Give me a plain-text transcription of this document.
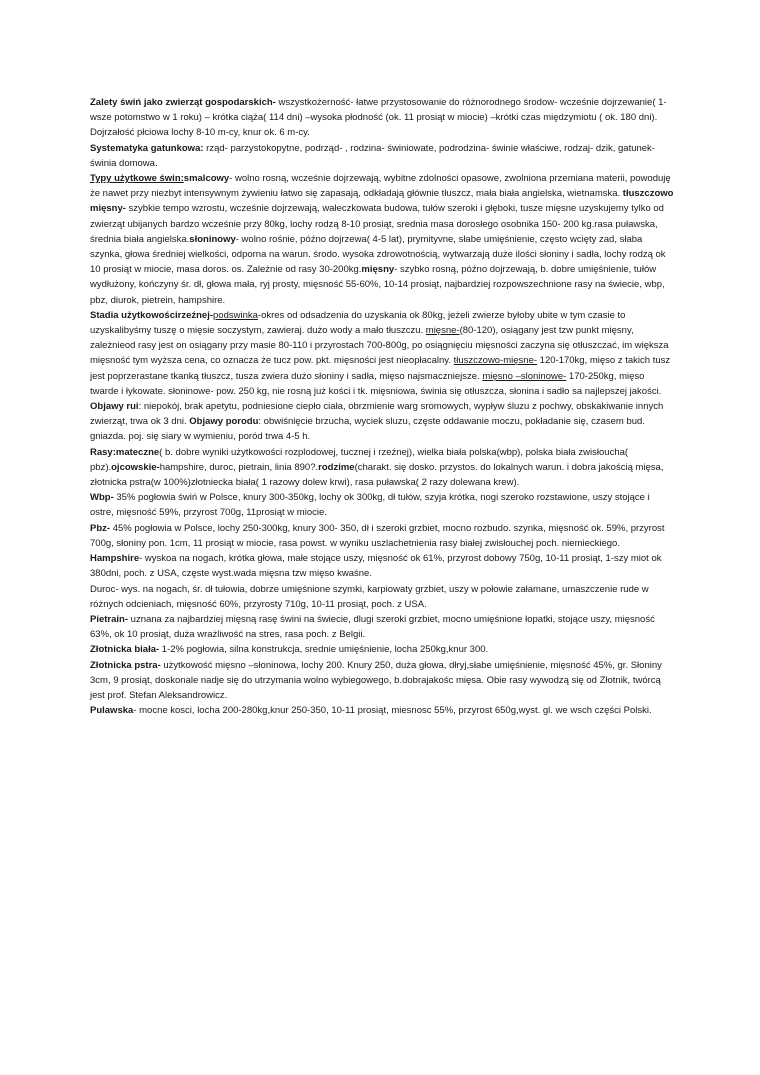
Zalety świń jako zwierząt gospodarskich- wszystkożerność- łatwe przystosowanie do różnorodnego środow- wcześnie dojrzewanie( 1- wsze potomstwo w 1 roku) – krótka ciąża( 114 dni) –wysoka płodność (ok. 11 prosiąt w miocie) –krótki czas międzymiotu ( ok. 180 dni). Dojrzałość płciowa lochy 8-10 m-cy, knur ok. 6 m-cy.

Systematyka gatunkowa: rząd- parzystokopytne, podrząd- , rodzina- świniowate, podrodzina- świnie właściwe, rodzaj- dzik, gatunek- świnia domowa.

Typy użytkowe świn:smalcowy- wolno rosną, wcześnie dojrzewają, wybitne zdolności opasowe, zwolniona przemiana materii, powoduję że nawet przy niezbyt intensywnym żywieniu łatwo się zapasają, odkładają głównie tłuszcz, mała biała angielska, wietnamska. tłuszczowo mięsny- szybkie tempo wzrostu, wcześnie dojrzewają, wałeczkowata budowa, tułów szeroki i głęboki, tusze mięsne uzyskujemy tylko od zwierząt ubijanych bardzo wcześnie przy 80kg, lochy rodzą 8-10 prosiąt, srednia masa dorosłego osobnika 150- 200 kg.rasa puławska, średnia biała angielska.słoninowy- wolno rośnie, późno dojrzewa( 4-5 lat), prymityvne, słabe umięśnienie, często wcięty zad, słaba szynka, głowa średniej wielkości, odporna na warun. środo. wysoka zdrowotnością, wytwarzają duże ilości słoniny i sadła, lochy rodzą ok 10 prosiąt w miocie, masa doros. os. Zależnie od rasy 30-200kg.mięsny- szybko rosną, późno dojrzewają, b. dobre umięśnienie, tułów wydłużony, kończyny śr. dł, głowa mała, ryj prosty, mięsność 55-60%, 10-14 prosiąt, najbardziej rozpowszechnione rasy na świecie, wbp, pbz, diurok, pietrein, hampshire.

Stadia użytkowościrzeźnej-podswinka-okres od odsadzenia do uzyskania ok 80kg, jeżeli zwierze byłoby ubite w tym czasie to uzyskalibyśmy tuszę o mięsie soczystym, zawieraj. dużo wody a mało tłuszczu. mięsne-(80-120), osiągany jest tzw punkt mięsny, zależnieod rasy jest on osiągany przy masie 80-110 i przyrostach 700-800g, po osiągnięciu mięsności zaczyna się otłuszczać, im większa mięsność tym wyższa cena, co oznacza że tucz pow. pkt. mięsności jest nieopłacalny. tłuszczowo-mięsne- 120-170kg, mięso z takich tusz jest poprzerastane tkanką tłuszcz, tusza zwiera dużo słoniny i sadła, mięso najsmaczniejsze. mięsno –sloninowe- 170-250kg, mięso twarde i łykowate. słoninowe- pow. 250 kg, nie rosną już kości i tk. mięsniowa, świnia się otłuszcza, słonina i sadło sa najlepszej jakości.

Objawy rui: niepokój, brak apetytu, podniesione ciepło ciała, obrzmienie warg sromowych, wypływ śluzu z pochwy, obskakiwanie innych zwierząt, trwa ok 3 dni. Objawy porodu: obwiśnięcie brzucha, wyciek sluzu, częste oddawanie moczu, pokładanie się, czasem bud. gniazda. poj. się siary w wymieniu, poród trwa 4-5 h.

Rasy:mateczne( b. dobre wyniki użytkowości rozplodowej, tucznej i rzeźnej), wielka biała polska(wbp), polska biała zwisłoucha( pbz).ojcowskie-hampshire, duroc, pietrain, linia 890?.rodzime(charakt. się dosko. przystos. do lokalnych warun. i dobra jakością mięsa, złotnicka pstra(w 100%)złotniecka biała( 1 razowy dolew krwi), rasa puławska( 2 razy dolewana krew).

Wbp- 35% pogłowia świń w Polsce, knury 300-350kg, lochy ok 300kg, dł tułów, szyja krótka, nogi szeroko rozstawione, uszy stojące i ostre, mięsność 59%, przyrost 700g, 11prosiąt w miocie.

Pbz- 45% pogłowia w Polsce, lochy 250-300kg, knury 300- 350, dł i szeroki grzbiet, mocno rozbudo. szynka, mięsność ok. 59%, przyrost 700g, słoniny pon. 1cm, 11 prosiąt w miocie, rasa powst. w wyniku uszlachetnienia rasy białej zwisłouchej poch. niemieckiego.

Hampshire- wyskoa na nogach, krótka głowa, małe stojące uszy, mięsność ok 61%, przyrost dobowy 750g, 10-11 prosiąt, 1-szy miot ok 380dni, poch. z USA, częste wyst.wada mięsna tzw mięso kwaśne.

Duroc- wys. na nogach, śr. dł tułowia, dobrze umięśnione szymki, karpiowaty grzbiet, uszy w połowie załamane, umaszczenie rude w różnych odcieniach, mięsność 60%, przyrosty 710g, 10-11 prosiąt, poch. z USA.

Pietrain- uznana za najbardziej mięsną rasę świni na świecie, dlugi szeroki grzbiet, mocno umięśnione łopatki, stojące uszy, mięsność 63%, ok 10 prosiąt, duża wrażliwość na stres, rasa poch. z Belgii.

Złotnicka biała- 1-2% pogłowia, silna konstrukcja, srednie umięśnienie, locha 250kg,knur 300.

Złotnicka pstra- użytkowość mięsno –słoninowa, lochy 200. Knury 250, duża głowa, dłryj,słabe umięśnienie, mięsność 45%, gr. Słoniny 3cm, 9 prosiąt, doskonale nadje się do utrzymania wolno wybiegowego, b.dobrajakośc mięsa. Obie rasy wywodzą się od Złotnik, twórcą jest prof. Stefan Aleksandrowicz.

Pulawska- mocne kosci, locha 200-280kg,knur 250-350, 10-11 prosiąt, miesnosc 55%, przyrost 650g,wyst. gl. we wsch części Polski.
